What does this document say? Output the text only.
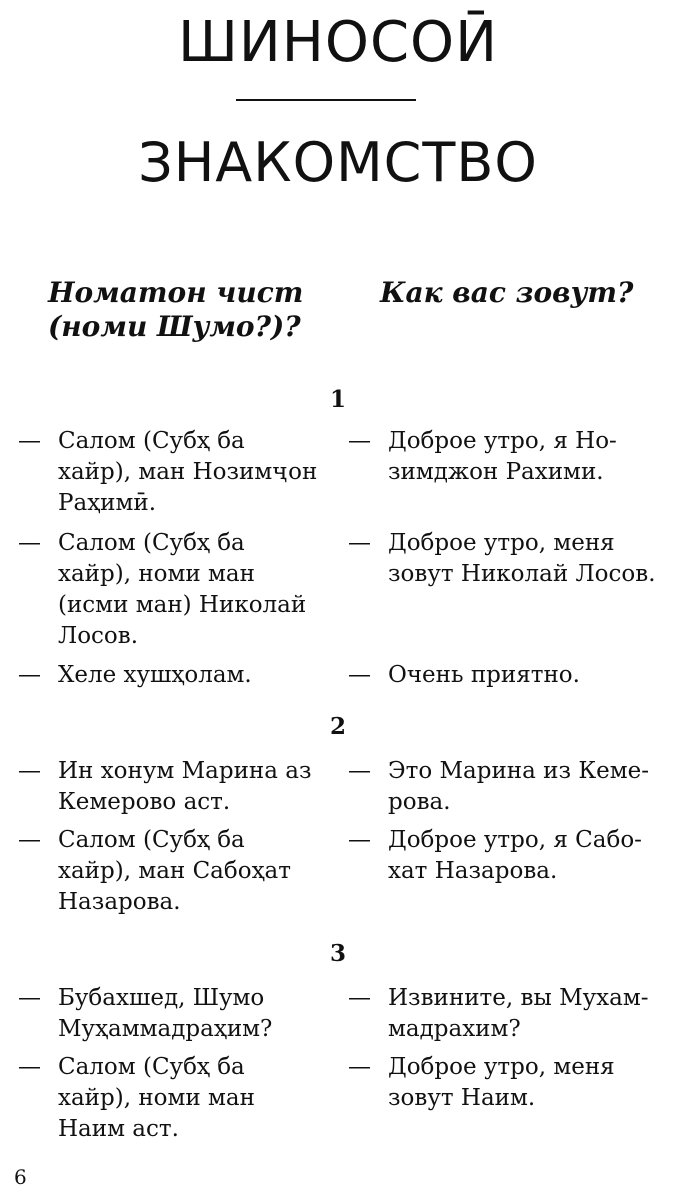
ШИНОСОӢ
ЗНАКОМСТВО
Номатон чист
(номи Шумо?)?
Как вас зовут?
1
— Салом (Субҳ ба
хайр), ман Нозимҷон
Раҳимӣ.
— Доброе утро, я Но-
зимджон Рахими.
— Салом (Субҳ ба
хайр), номи ман
(исми ман) Николай
Лосов.
— Доброе утро, меня
зовут Николай Лосов.
— Хеле хушҳолам.	— Очень приятно.
2
— Ин хонум Марина аз
Кемерово аст.
— Это Марина из Кеме-
рова.
— Салом (Субҳ ба
хайр), ман Сабоҳат
Назарова.
— Доброе утро, я Сабо-
хат Назарова.
3
— Бубахшед, Шумо
Муҳаммадраҳим?
— Извините, вы Мухам-
мадрахим?
— Салом (Субҳ ба
хайр), номи ман
Наим аст.
— Доброе утро, меня
зовут Наим.
6
